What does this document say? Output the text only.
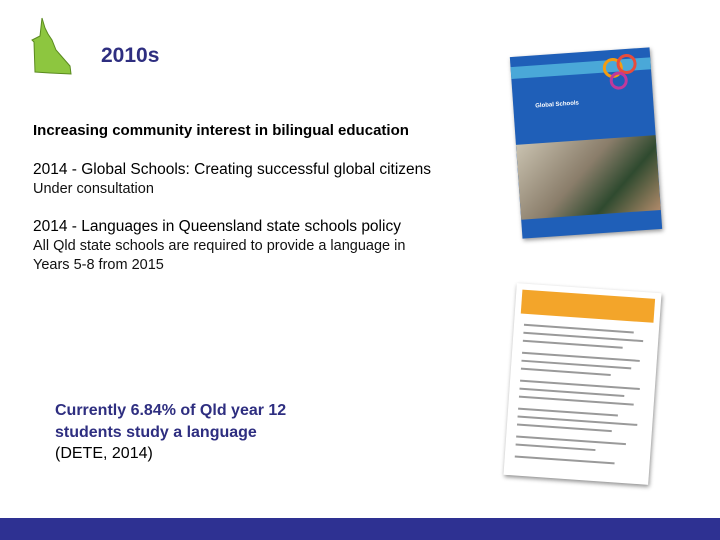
2010s
Increasing community interest in bilingual education
2014 - Global Schools: Creating successful global citizens
Under consultation
2014 - Languages in Queensland state schools policy
All Qld state schools are required to provide a language in
Years 5-8 from 2015
Currently 6.84% of Qld year 12
students study a language
(DETE, 2014)
Global Schools
